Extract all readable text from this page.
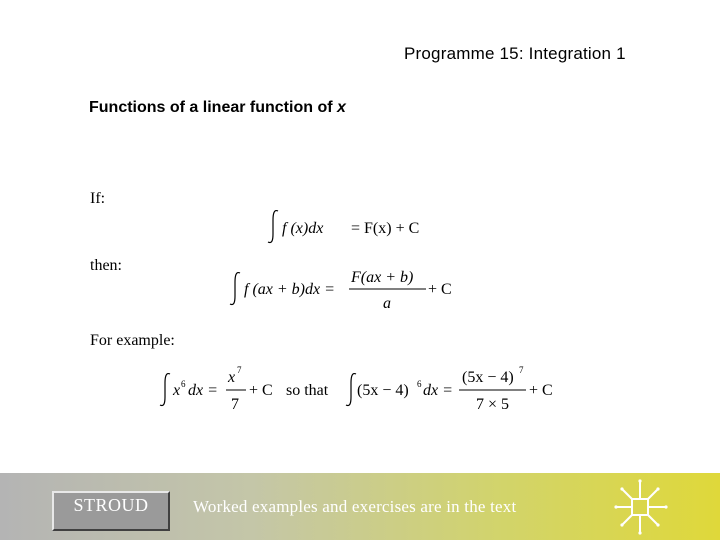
Programme 15: Integration 1
Functions of a linear function of x
If:
then:
For example:
f (x)dx = F(x) + C
f (ax + b)dx =
F(ax + b)
a
+ C
x 6 dx =
x 7
7
+ C so that (5x − 4) 6 dx =
(5x − 4) 7
7 × 5
+ C
STROUD	Worked examples and exercises are in the text
